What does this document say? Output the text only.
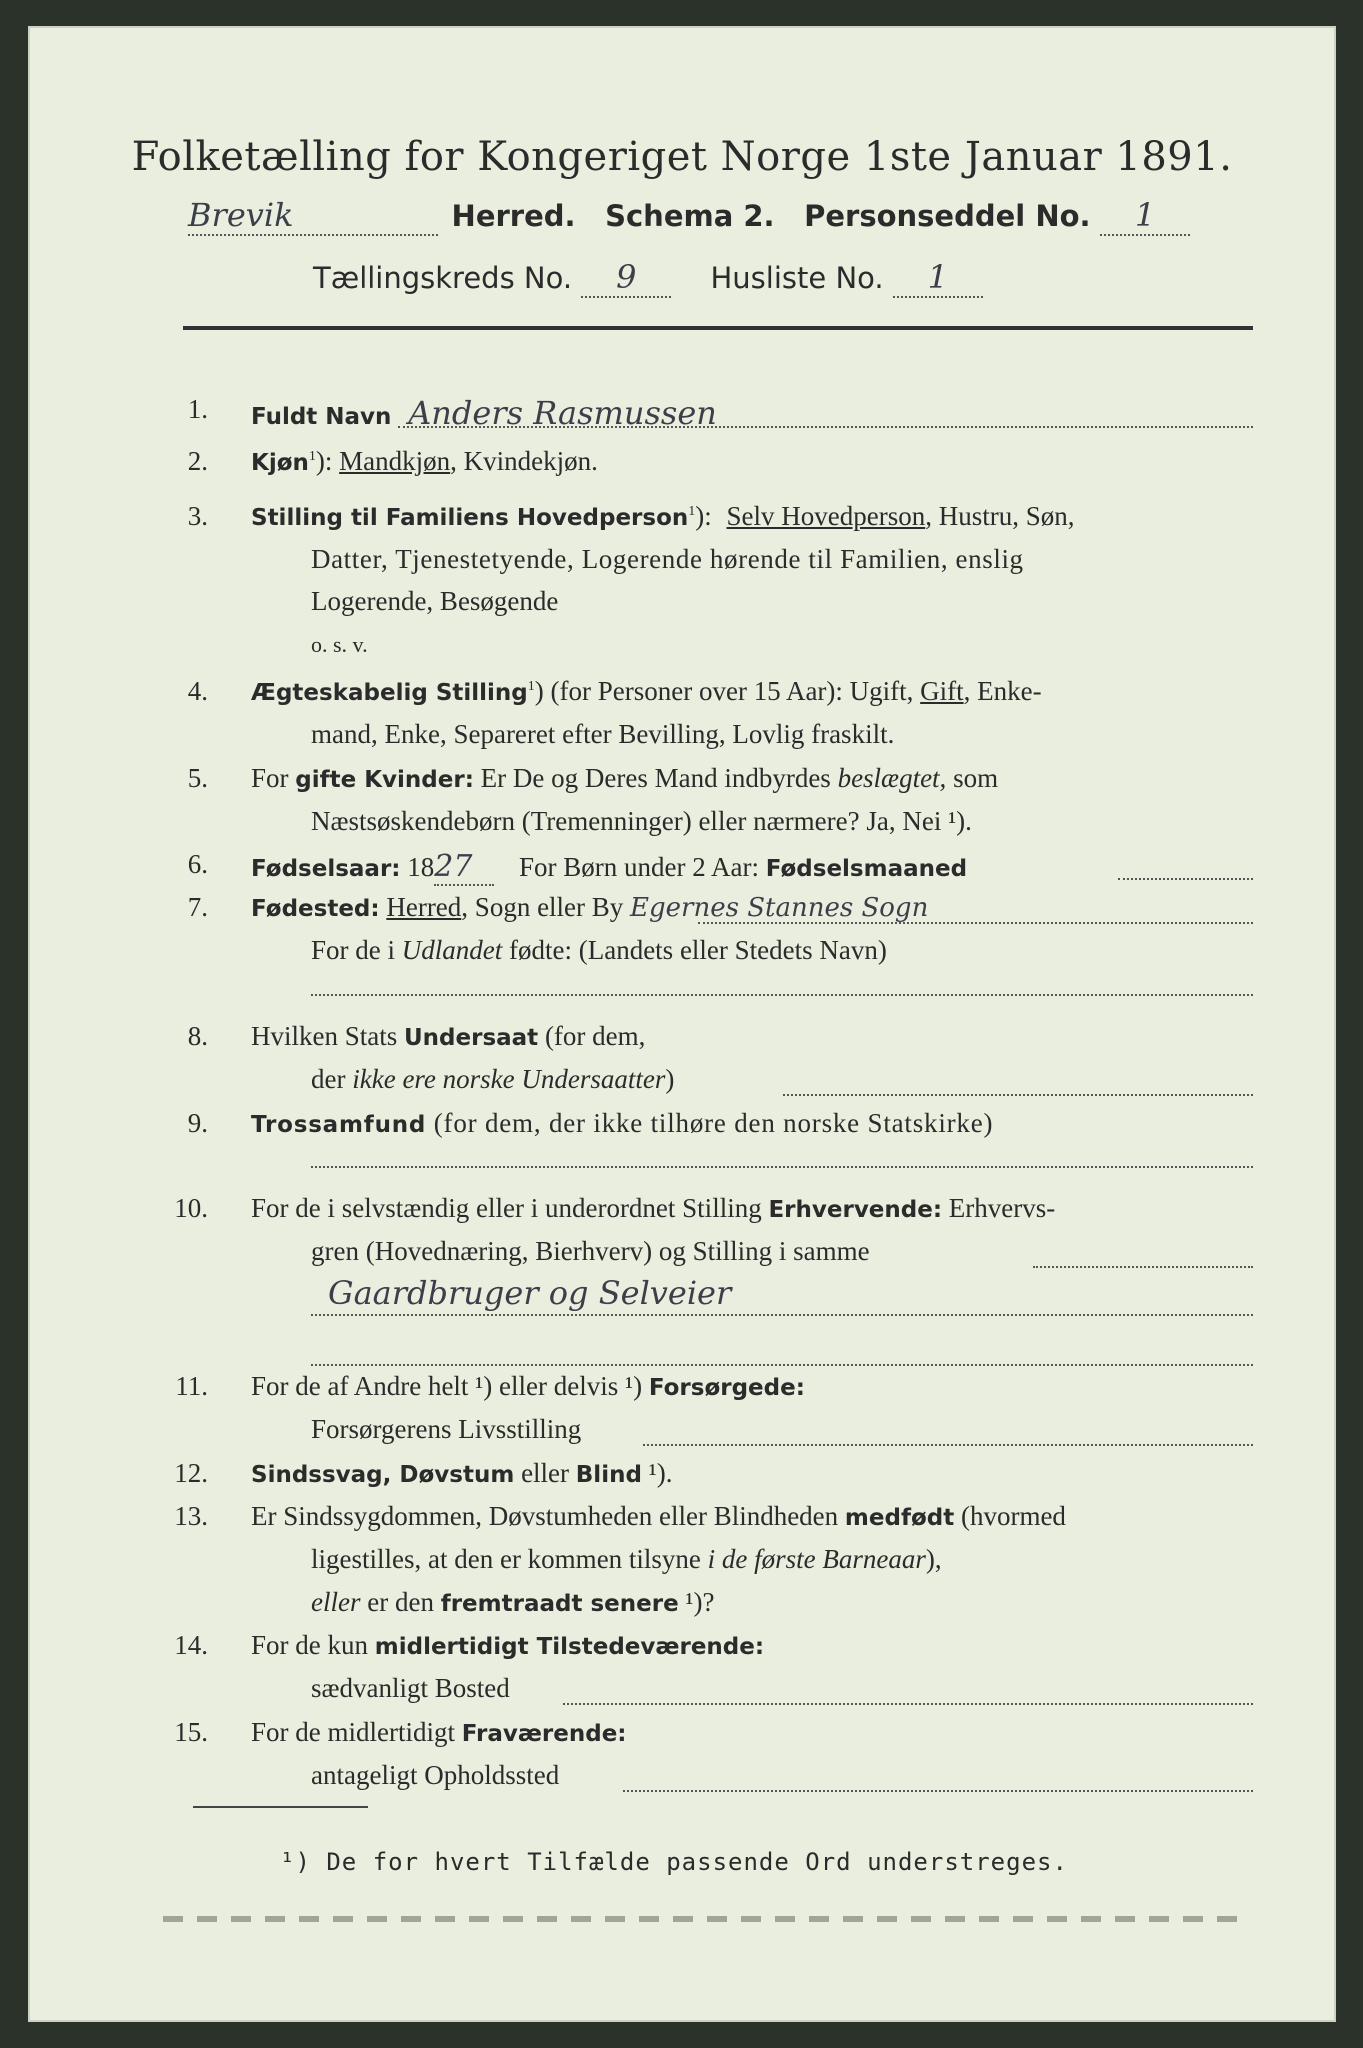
Folketælling for Kongeriget Norge 1ste Januar 1891.
Brevik	Herred. Schema 2. Personseddel No. 1
Tællingskreds No. 9	Husliste No. 1
1. Fuldt Navn Anders Rasmussen
2. Kjøn$^1$): Mandkjøn, Kvindekjøn.
3. Stilling til Familiens Hovedperson$^1$): Selv Hovedperson, Hustru, Søn,
Datter, Tjenestetyende, Logerende hørende til Familien, enslig
Logerende, Besøgende
o. s. v.
4. Ægteskabelig Stilling$^1$) (for Personer over 15 Aar): Ugift, Gift, Enke-
mand, Enke, Separeret efter Bevilling, Lovlig fraskilt.
5. For gifte Kvinder: Er De og Deres Mand indbyrdes beslægtet, som
Næstsøskendebørn (Tremenninger) eller nærmere? Ja, Nei ¹).
6. Fødselsaar: 1827 For Børn under 2 Aar: Fødselsmaaned
7. Fødested: Herred, Sogn eller By Egernes Stannes Sogn
For de i Udlandet fødte: (Landets eller Stedets Navn)
8. Hvilken Stats Undersaat (for dem,
der ikke ere norske Undersaatter)
9. Trossamfund (for dem, der ikke tilhøre den norske Statskirke)
10. For de i selvstændig eller i underordnet Stilling Erhvervende: Erhvervs-
gren (Hovednæring, Bierhverv) og Stilling i samme
Gaardbruger og Selveier
11. For de af Andre helt ¹) eller delvis ¹) Forsørgede:
Forsørgerens Livsstilling
12. Sindssvag, Døvstum eller Blind ¹).
13. Er Sindssygdommen, Døvstumheden eller Blindheden medfødt (hvormed
ligestilles, at den er kommen tilsyne i de første Barneaar),
eller er den fremtraadt senere ¹)?
14. For de kun midlertidigt Tilstedeværende:
sædvanligt Bosted
15. For de midlertidigt Fraværende:
antageligt Opholdssted
¹) De for hvert Tilfælde passende Ord understreges.
